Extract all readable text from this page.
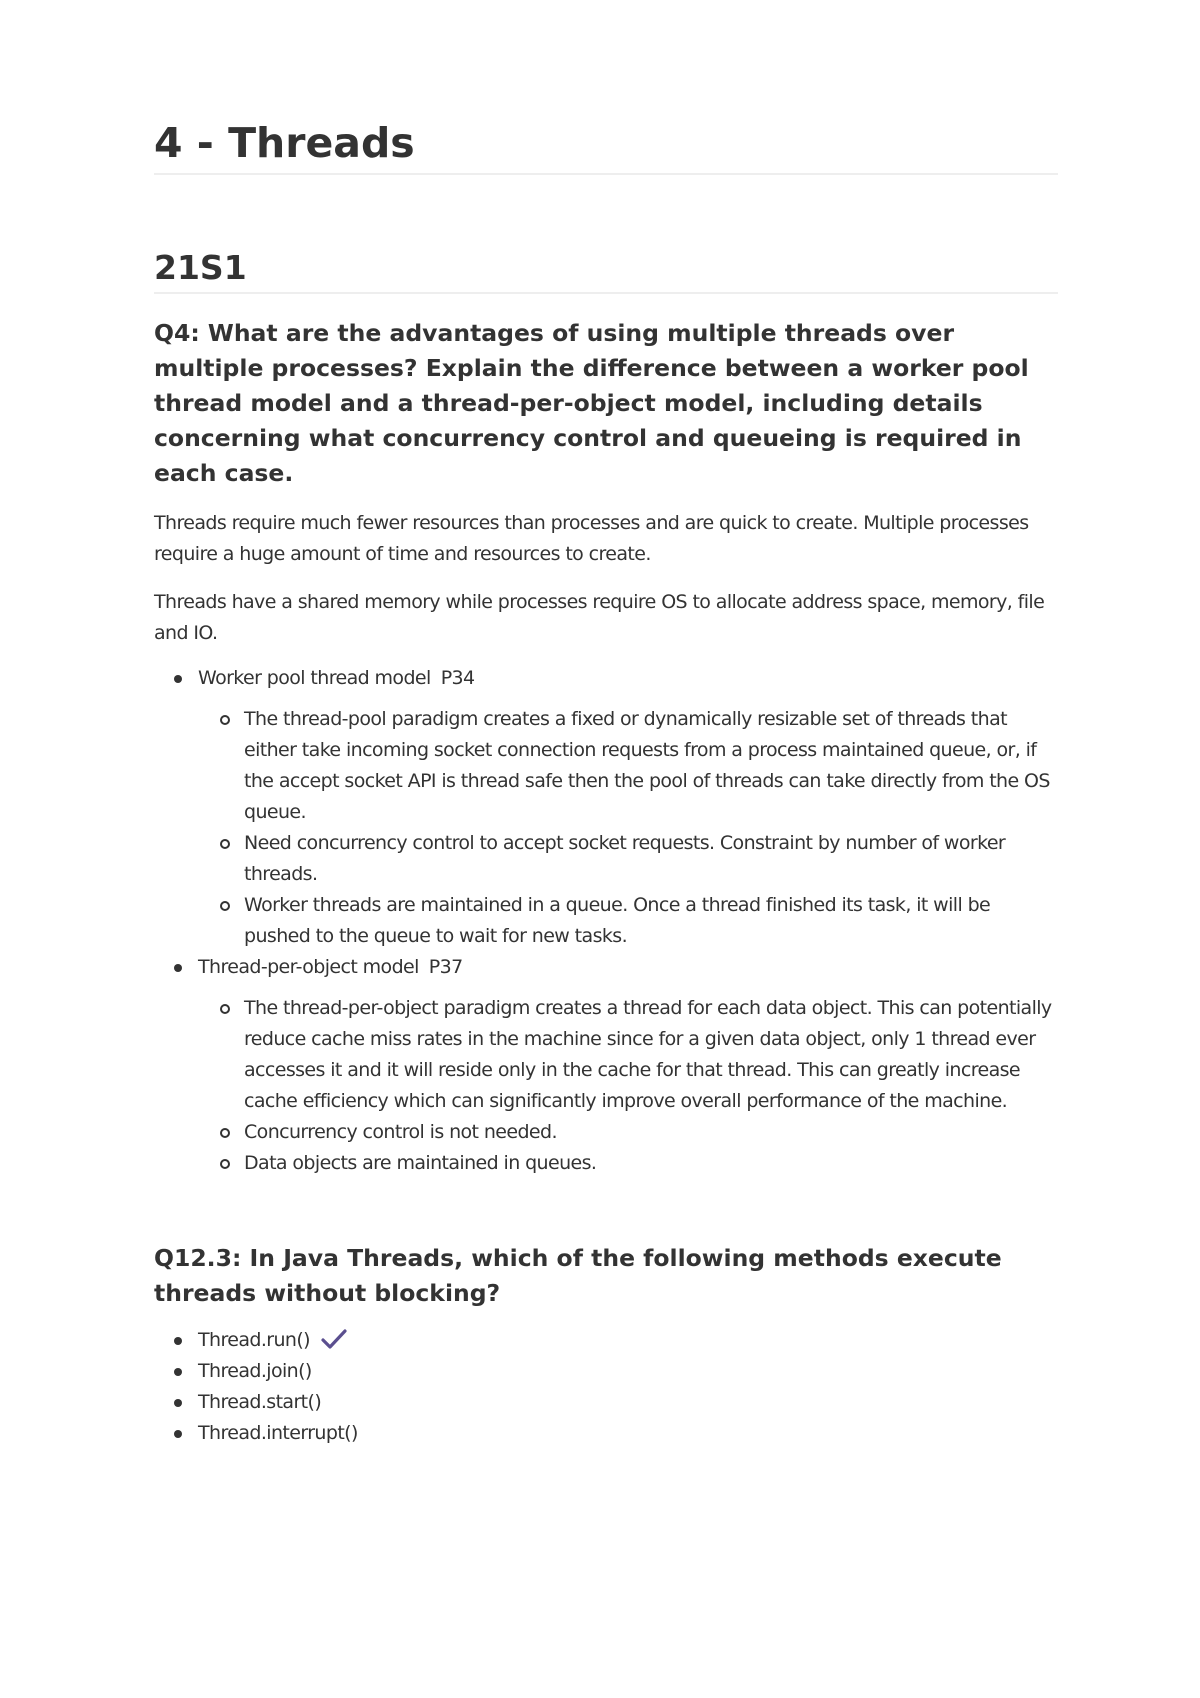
4 - Threads
21S1
Q4: What are the advantages of using multiple threads over multiple processes? Explain the difference between a worker pool thread model and a thread-per-object model, including details concerning what concurrency control and queueing is required in each case.

Threads require much fewer resources than processes and are quick to create. Multiple processes require a huge amount of time and resources to create.

Threads have a shared memory while processes require OS to allocate address space, memory, file and IO.

Worker pool thread model P34
The thread-pool paradigm creates a fixed or dynamically resizable set of threads that either take incoming socket connection requests from a process maintained queue, or, if the accept socket API is thread safe then the pool of threads can take directly from the OS queue.
Need concurrency control to accept socket requests. Constraint by number of worker threads.
Worker threads are maintained in a queue. Once a thread finished its task, it will be pushed to the queue to wait for new tasks.
Thread-per-object model P37
The thread-per-object paradigm creates a thread for each data object. This can potentially reduce cache miss rates in the machine since for a given data object, only 1 thread ever accesses it and it will reside only in the cache for that thread. This can greatly increase cache efficiency which can significantly improve overall performance of the machine.
Concurrency control is not needed.
Data objects are maintained in queues.
Q12.3: In Java Threads, which of the following methods execute threads without blocking?
Thread.run()
Thread.join()
Thread.start()
Thread.interrupt()
